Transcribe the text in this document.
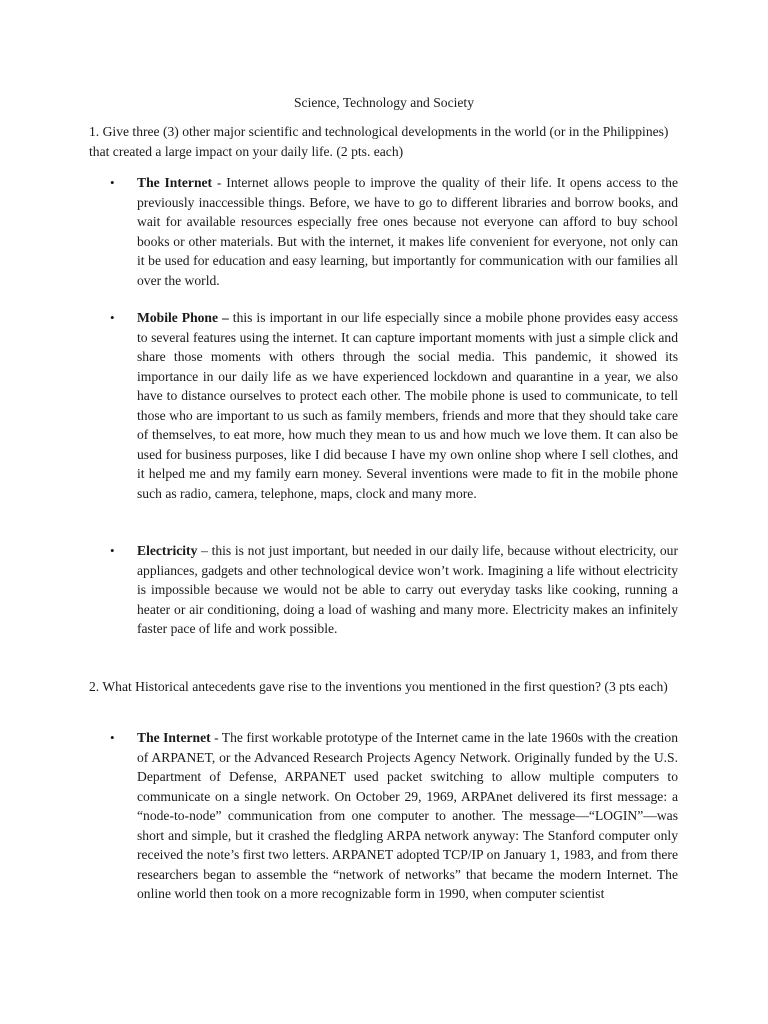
Science, Technology and Society
1. Give three (3) other major scientific and technological developments in the world (or in the Philippines) that created a large impact on your daily life. (2 pts. each)
• The Internet - Internet allows people to improve the quality of their life. It opens access to the previously inaccessible things. Before, we have to go to different libraries and borrow books, and wait for available resources especially free ones because not everyone can afford to buy school books or other materials. But with the internet, it makes life convenient for everyone, not only can it be used for education and easy learning, but importantly for communication with our families all over the world.
• Mobile Phone – this is important in our life especially since a mobile phone provides easy access to several features using the internet. It can capture important moments with just a simple click and share those moments with others through the social media. This pandemic, it showed its importance in our daily life as we have experienced lockdown and quarantine in a year, we also have to distance ourselves to protect each other. The mobile phone is used to communicate, to tell those who are important to us such as family members, friends and more that they should take care of themselves, to eat more, how much they mean to us and how much we love them. It can also be used for business purposes, like I did because I have my own online shop where I sell clothes, and it helped me and my family earn money. Several inventions were made to fit in the mobile phone such as radio, camera, telephone, maps, clock and many more.
• Electricity – this is not just important, but needed in our daily life, because without electricity, our appliances, gadgets and other technological device won’t work. Imagining a life without electricity is impossible because we would not be able to carry out everyday tasks like cooking, running a heater or air conditioning, doing a load of washing and many more. Electricity makes an infinitely faster pace of life and work possible.
2. What Historical antecedents gave rise to the inventions you mentioned in the first question? (3 pts each)
• The Internet - The first workable prototype of the Internet came in the late 1960s with the creation of ARPANET, or the Advanced Research Projects Agency Network. Originally funded by the U.S. Department of Defense, ARPANET used packet switching to allow multiple computers to communicate on a single network. On October 29, 1969, ARPAnet delivered its first message: a “node-to-node” communication from one computer to another. The message—“LOGIN”—was short and simple, but it crashed the fledgling ARPA network anyway: The Stanford computer only received the note’s first two letters. ARPANET adopted TCP/IP on January 1, 1983, and from there researchers began to assemble the “network of networks” that became the modern Internet. The online world then took on a more recognizable form in 1990, when computer scientist
